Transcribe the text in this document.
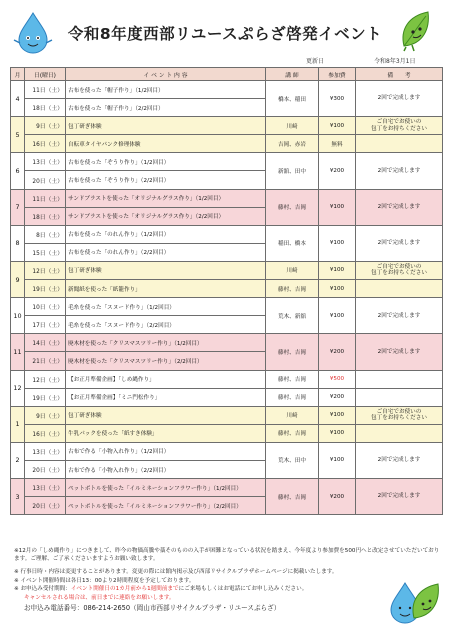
令和8年度西部リユースぷらざ啓発イベント
更新日	令和8年3月1日
月	日(曜日)	イ ベ ン ト 内 容	講 師	参加費	備　　考
4	11日（土）	古布を使った「帽子作り」（1/2回目）	橋本、稲田	¥300	2回で完成します
	18日（土）	古布を使った「帽子作り」（2/2回目）			
5	9日（土）	包丁研ぎ体験	川﨑	¥100	ご自宅でお使いの
包丁をお持ちください
	16日（土）	自転車タイヤパンク修理体験	吉岡、赤岩	無料	
6	13日（土）	古布を使った「ぞうり作り」（1/2回目）	新舘、田中	¥200	2回で完成します
	20日（土）	古布を使った「ぞうり作り」（2/2回目）			
7	11日（土）	サンドブラストを使った「オリジナルグラス作り」（1/2回目）	藤村、吉岡	¥100	2回で完成します
	18日（土）	サンドブラストを使った「オリジナルグラス作り」（2/2回目）			
8	8日（土）	古布を使った「のれん作り」（1/2回目）	稲田、橋本	¥100	2回で完成します
	15日（土）	古布を使った「のれん作り」（2/2回目）			
9	12日（土）	包丁研ぎ体験	川﨑	¥100	ご自宅でお使いの
包丁をお持ちください
	19日（土）	新聞紙を使った「紙籠作り」	藤村、吉岡	¥100	
10	10日（土）	毛糸を使った「スヌード作り」（1/2回目）	荒木、新舘	¥100	2回で完成します
	17日（土）	毛糸を使った「スヌード作り」（2/2回目）			
11	14日（土）	廃木材を使った「クリスマスツリー作り」（1/2回目）	藤村、吉岡	¥200	2回で完成します
	21日（土）	廃木材を使った「クリスマスツリー作り」（2/2回目）			
12	12日（土）	【お正月準備企画】「しめ縄作り」	藤村、吉岡	¥500	
	19日（土）	【お正月準備企画】「ミニ門松作り」	藤村、吉岡	¥200	
1	9日（土）	包丁研ぎ体験	川﨑	¥100	ご自宅でお使いの
包丁をお持ちください
	16日（土）	牛乳パックを使った「紙すき体験」	藤村、吉岡	¥100	
2	13日（土）	古布で作る「小物入れ作り」（1/2回目）	荒木、田中	¥100	2回で完成します
	20日（土）	古布で作る「小物入れ作り」（2/2回目）			
3	13日（土）	ペットボトルを使った「イルミネーションフラワー作り」（1/2回目）	藤村、吉岡	¥200	2回で完成します
	20日（土）	ペットボトルを使った「イルミネーションフラワー作り」（2/2回目）			
※12月の「しめ縄作り」につきまして、昨今の物価高騰や藁そのものの入手が困難となっている状況を踏まえ、今年度より参加費を500円へと改定させていただいております。ご理解、ご了承くださいますようお願い致します。
※ 行事日時・内容は変更することがあります。変更の際には館内掲示及び西部リサイクルプラザホームページに掲載いたします。
※ イベント開催時間は各日13：00より2時間程度を予定しております。
※ お申込み受付期間：イベント開催日の1カ月前から1週間前までにご来場もしくはお電話にてお申し込みください。
キャンセルされる場合は、前日までに連絡をお願いします。
お申込み電話番号：086-214-2650（岡山市西部リサイクルプラザ・リユースぷらざ）
